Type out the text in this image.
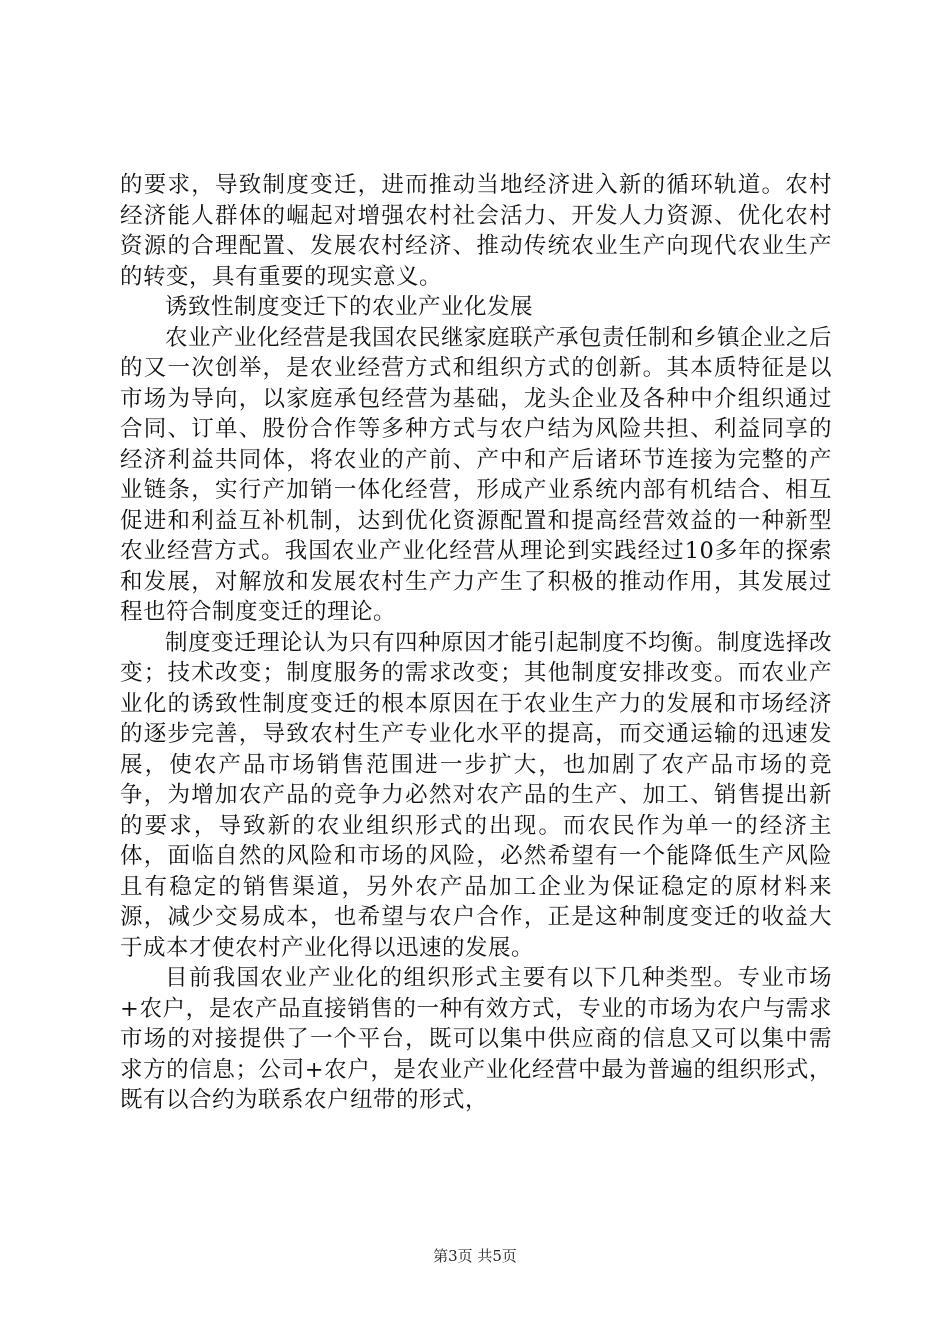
的要求，导致制度变迁，进而推动当地经济进入新的循环轨道。农村经济能人群体的崛起对增强农村社会活力、开发人力资源、优化农村资源的合理配置、发展农村经济、推动传统农业生产向现代农业生产的转变，具有重要的现实意义。

诱致性制度变迁下的农业产业化发展

农业产业化经营是我国农民继家庭联产承包责任制和乡镇企业之后的又一次创举，是农业经营方式和组织方式的创新。其本质特征是以市场为导向，以家庭承包经营为基础，龙头企业及各种中介组织通过合同、订单、股份合作等多种方式与农户结为风险共担、利益同享的经济利益共同体，将农业的产前、产中和产后诸环节连接为完整的产业链条，实行产加销一体化经营，形成产业系统内部有机结合、相互促进和利益互补机制，达到优化资源配置和提高经营效益的一种新型农业经营方式。我国农业产业化经营从理论到实践经过10多年的探索和发展，对解放和发展农村生产力产生了积极的推动作用，其发展过程也符合制度变迁的理论。

制度变迁理论认为只有四种原因才能引起制度不均衡。制度选择改变；技术改变；制度服务的需求改变；其他制度安排改变。而农业产业化的诱致性制度变迁的根本原因在于农业生产力的发展和市场经济的逐步完善，导致农村生产专业化水平的提高，而交通运输的迅速发展，使农产品市场销售范围进一步扩大，也加剧了农产品市场的竞争，为增加农产品的竞争力必然对农产品的生产、加工、销售提出新的要求，导致新的农业组织形式的出现。而农民作为单一的经济主体，面临自然的风险和市场的风险，必然希望有一个能降低生产风险且有稳定的销售渠道，另外农产品加工企业为保证稳定的原材料来源，减少交易成本，也希望与农户合作，正是这种制度变迁的收益大于成本才使农村产业化得以迅速的发展。

目前我国农业产业化的组织形式主要有以下几种类型。专业市场+农户，是农产品直接销售的一种有效方式，专业的市场为农户与需求市场的对接提供了一个平台，既可以集中供应商的信息又可以集中需求方的信息；公司+农户，是农业产业化经营中最为普遍的组织形式，既有以合约为联系农户纽带的形式，

第3页 共5页
